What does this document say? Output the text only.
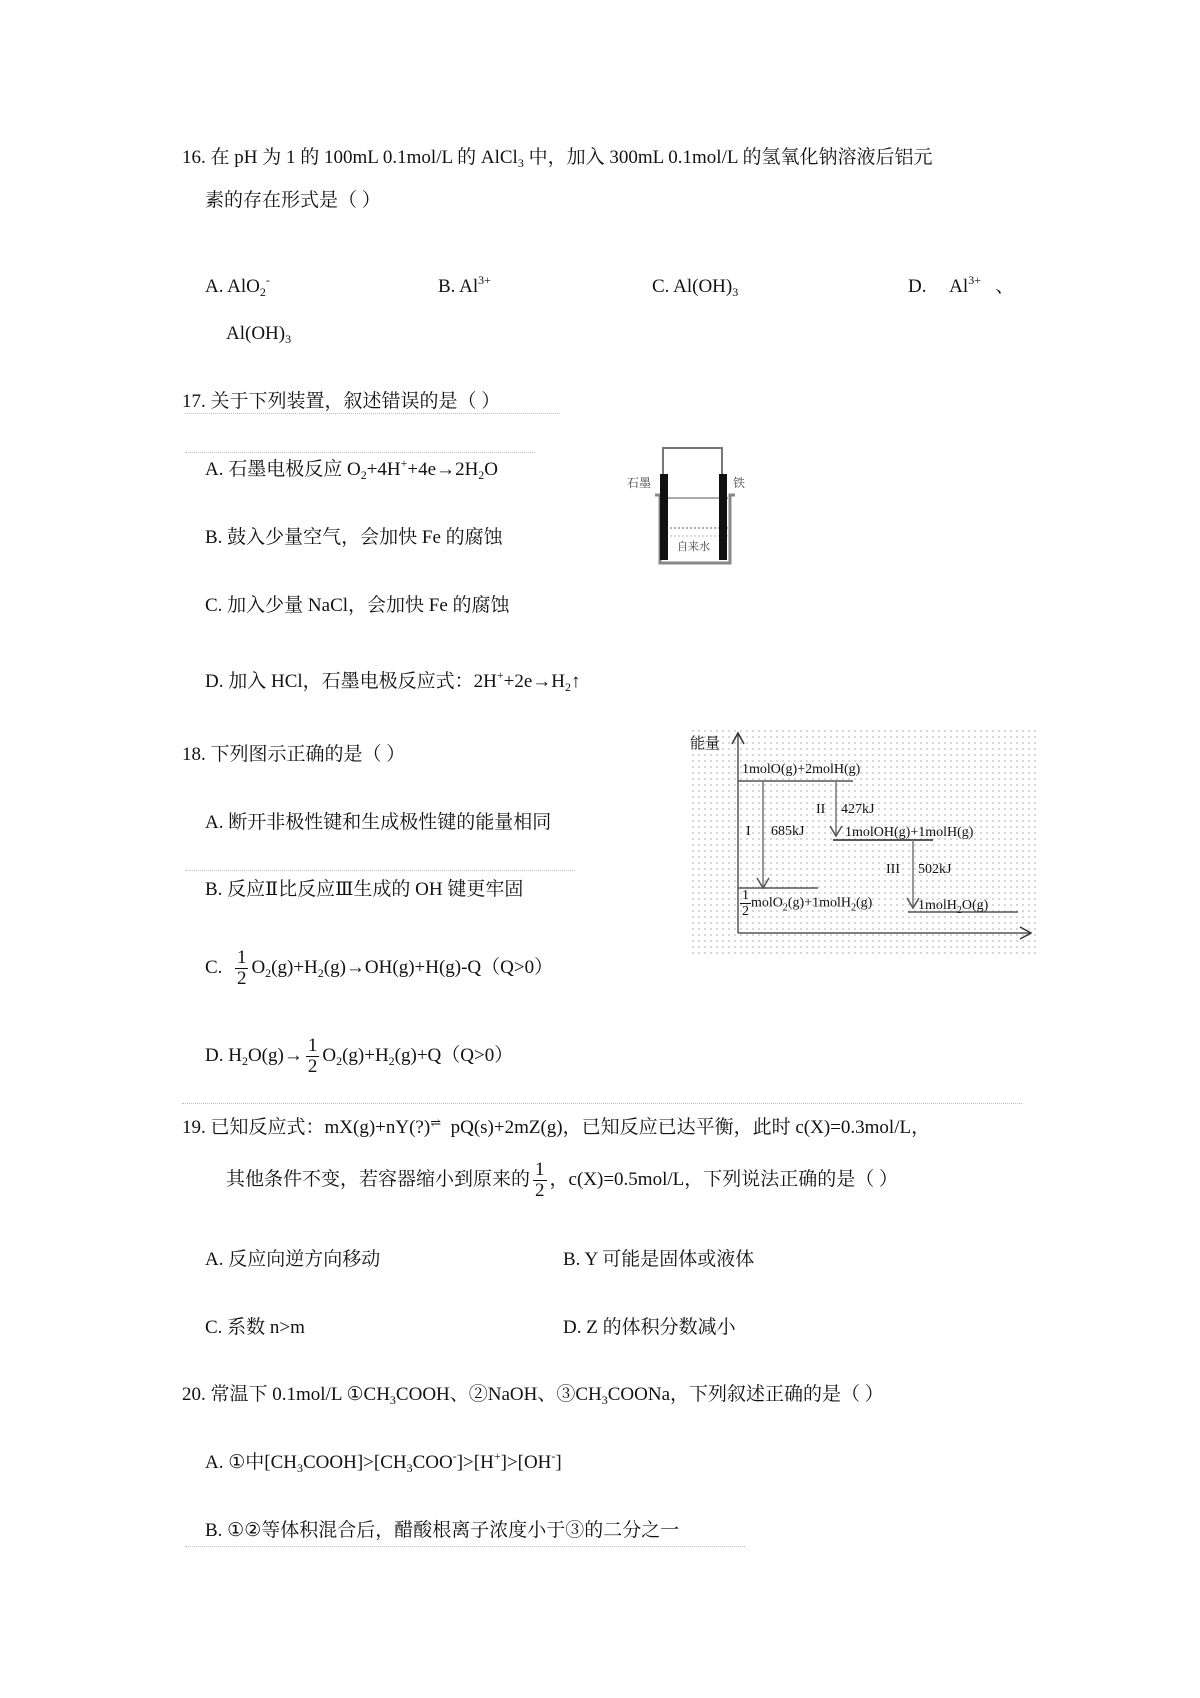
16. 在 pH 为 1 的 100mL 0.1mol/L 的 AlCl$_3$ 中，加入 300mL 0.1mol/L 的氢氧化钠溶液后铝元
素的存在形式是（ ）
A. AlO$_2$-	B. $Al^{3+}$	C. $Al(OH)_3$	D.     $Al^{3+}$   、
$Al(OH)_3$
17. 关于下列装置，叙述错误的是（ ）
A. 石墨电极反应 $O_2+4H^++4e\to 2H_2O$
B. 鼓入少量空气，会加快 Fe 的腐蚀
C. 加入少量 NaCl，会加快 Fe 的腐蚀
D. 加入 HCl，石墨电极反应式：$2H^++2e\to H_2↑$
石墨	铁
自来水
18. 下列图示正确的是（ ）
A. 断开非极性键和生成极性键的能量相同
B. 反应Ⅱ比反应Ⅲ生成的 OH 键更牢固
C. $\frac{1}{2} O_2(g)+H_2(g)\to OH(g)+H(g)-Q(Q>0)$
D. $H_2O(g)\to \frac{1}{2} O_2(g)+H_2(g)+Q(Q>0)$
能量
1molO(g)+2molH(g)
I 685kJ
II 427kJ
1molOH(g)+1molH(g)
III 502kJ
$\frac{1}{2}$ molO$_2$(g)+1molH$_2$(g)	1molH$_2$O(g)
19. 已知反应式：mX(g)+nY(?)⇌  pQ(s)+2mZ(g)，已知反应已达平衡，此时 c(X)=0.3mol/L，
其他条件不变，若容器缩小到原来的 $\frac{1}{2}$ ，c(X)=0.5mol/L，下列说法正确的是（ ）
A. 反应向逆方向移动	B. Y 可能是固体或液体
C. 系数 n>m	D. Z 的体积分数减小
20. 常温下 0.1mol/L $①CH_3COOH$、②NaOH、$③CH_3COONa$，下列叙述正确的是（ ）
A. ①中$[CH_3COOH]>[CH_3COO^-]>[H^+]>[OH^-]$
B. ①②等体积混合后，醋酸根离子浓度小于③的二分之一
